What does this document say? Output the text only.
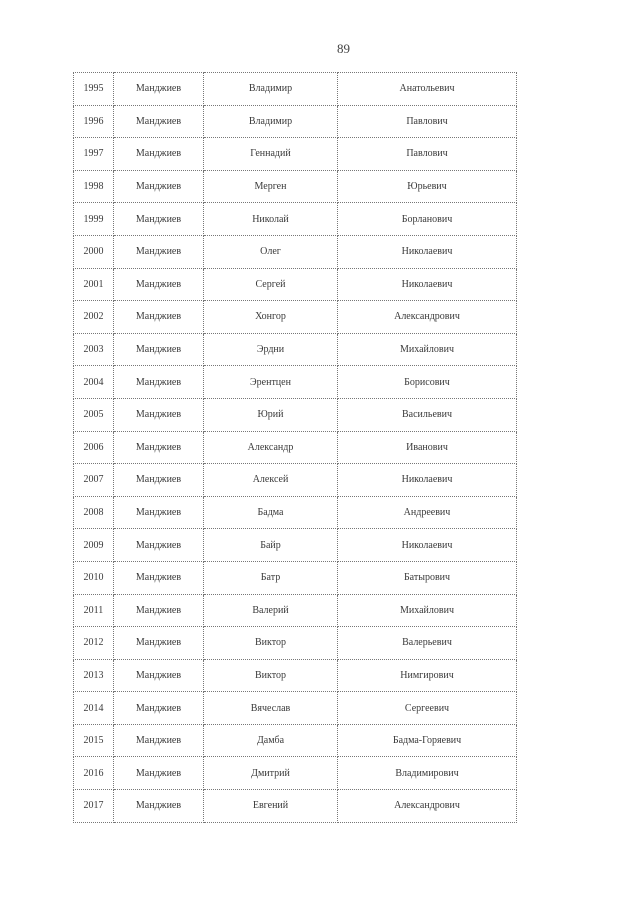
89
1995	Манджиев	Владимир	Анатольевич
1996	Манджиев	Владимир	Павлович
1997	Манджиев	Геннадий	Павлович
1998	Манджиев	Мерген	Юрьевич
1999	Манджиев	Николай	Борланович
2000	Манджиев	Олег	Николаевич
2001	Манджиев	Сергей	Николаевич
2002	Манджиев	Хонгор	Александрович
2003	Манджиев	Эрдни	Михайлович
2004	Манджиев	Эрентцен	Борисович
2005	Манджиев	Юрий	Васильевич
2006	Манджиев	Александр	Иванович
2007	Манджиев	Алексей	Николаевич
2008	Манджиев	Бадма	Андреевич
2009	Манджиев	Байр	Николаевич
2010	Манджиев	Батр	Батырович
2011	Манджиев	Валерий	Михайлович
2012	Манджиев	Виктор	Валерьевич
2013	Манджиев	Виктор	Нимгирович
2014	Манджиев	Вячеслав	Сергеевич
2015	Манджиев	Дамба	Бадма-Горяевич
2016	Манджиев	Дмитрий	Владимирович
2017	Манджиев	Евгений	Александрович
